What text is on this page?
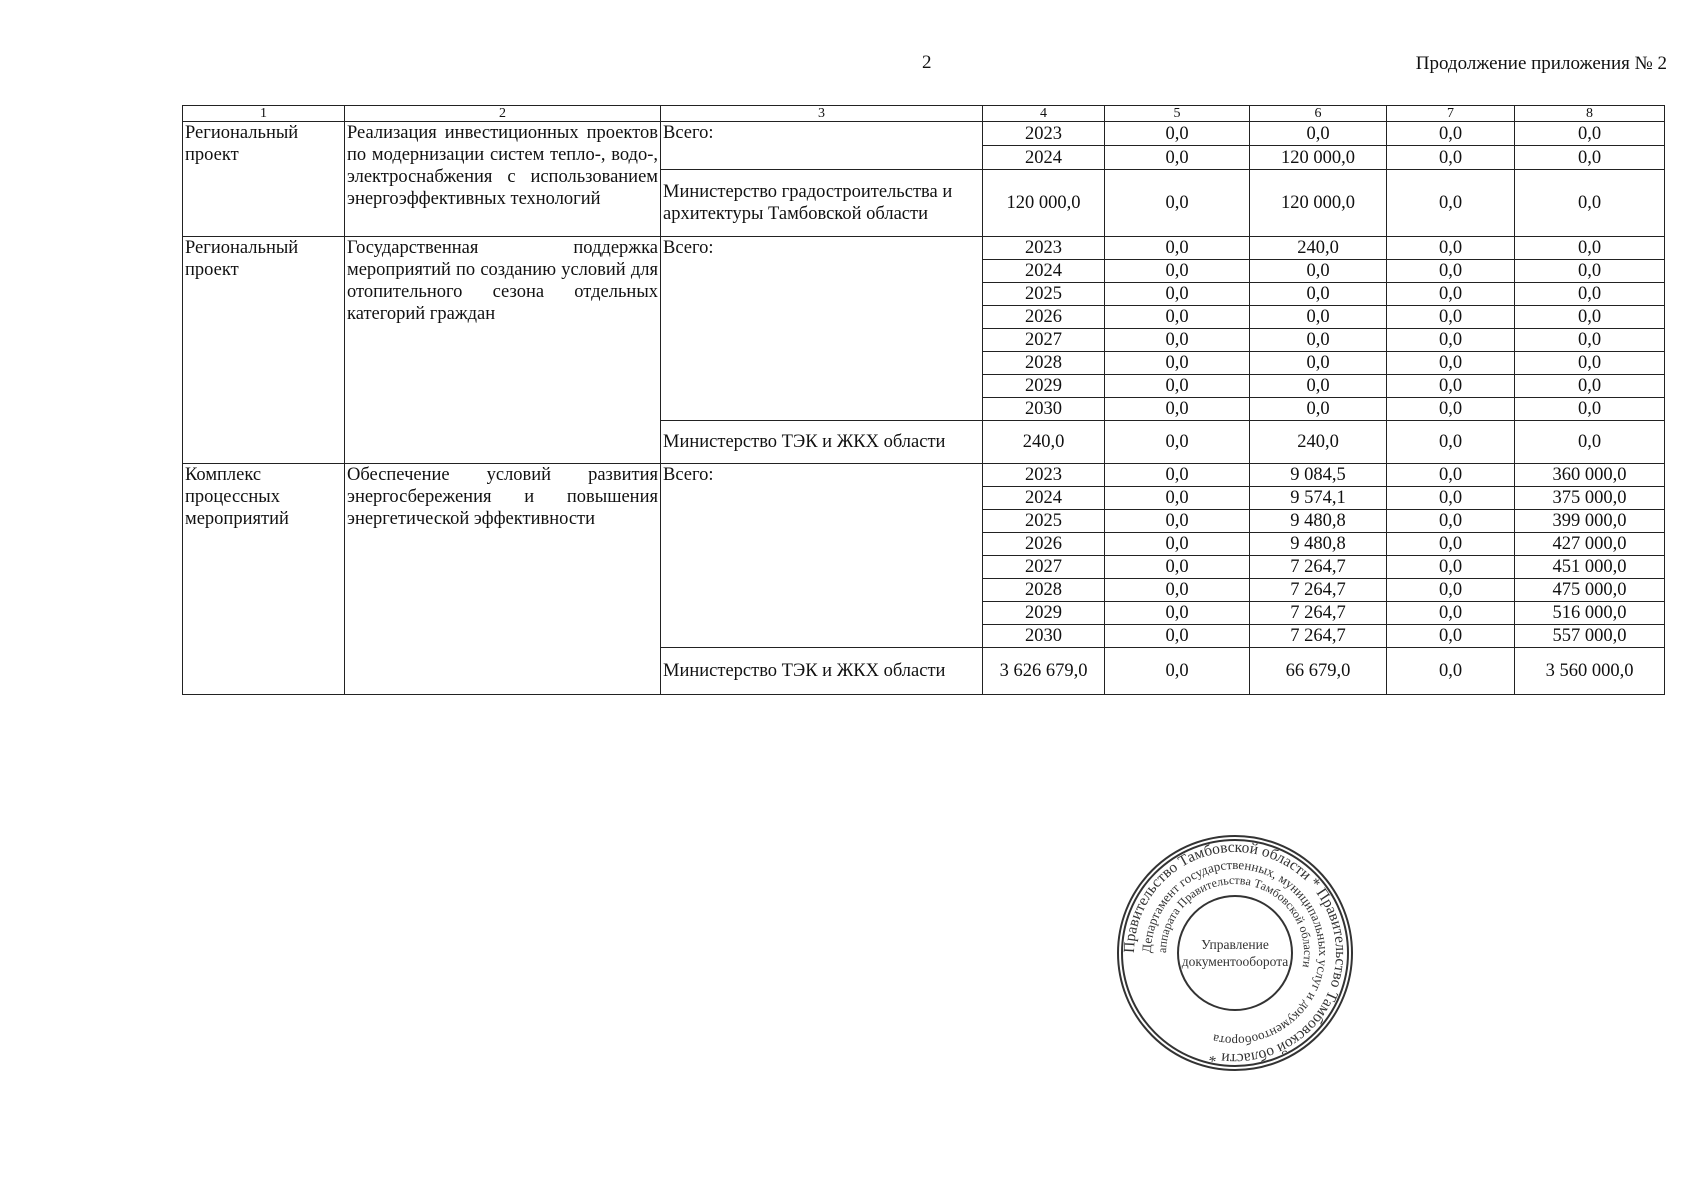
2	Продолжение приложения № 2
1	2	3	4	5	6	7	8
Региональный проект	Реализация инвестиционных проектов по модернизации систем тепло-, водо-, электроснабжения с использованием энергоэффективных технологий	Всего:	2023	0,0	0,0	0,0	0,0
			2024	0,0	120 000,0	0,0	0,0
		Министерство градостроительства и архитектуры Тамбовской области	120 000,0	0,0	120 000,0	0,0	0,0
Региональный проект	Государственная поддержка мероприятий по созданию условий для отопительного сезона отдельных категорий граждан	Всего:	2023	0,0	240,0	0,0	0,0
			2024	0,0	0,0	0,0	0,0
			2025	0,0	0,0	0,0	0,0
			2026	0,0	0,0	0,0	0,0
			2027	0,0	0,0	0,0	0,0
			2028	0,0	0,0	0,0	0,0
			2029	0,0	0,0	0,0	0,0
			2030	0,0	0,0	0,0	0,0
		Министерство ТЭК и ЖКХ области	240,0	0,0	240,0	0,0	0,0
Комплекс процессных мероприятий	Обеспечение условий развития энергосбережения и повышения энергетической эффективности	Всего:	2023	0,0	9 084,5	0,0	360 000,0
			2024	0,0	9 574,1	0,0	375 000,0
			2025	0,0	9 480,8	0,0	399 000,0
			2026	0,0	9 480,8	0,0	427 000,0
			2027	0,0	7 264,7	0,0	451 000,0
			2028	0,0	7 264,7	0,0	475 000,0
			2029	0,0	7 264,7	0,0	516 000,0
			2030	0,0	7 264,7	0,0	557 000,0
		Министерство ТЭК и ЖКХ области	3 626 679,0	0,0	66 679,0	0,0	3 560 000,0
Правительство Тамбовской области * Правительство Тамбовской области *
Департамент государственных, муниципальных услуг и документооборота
аппарата Правительства Тамбовской области
Управление
документооборота
